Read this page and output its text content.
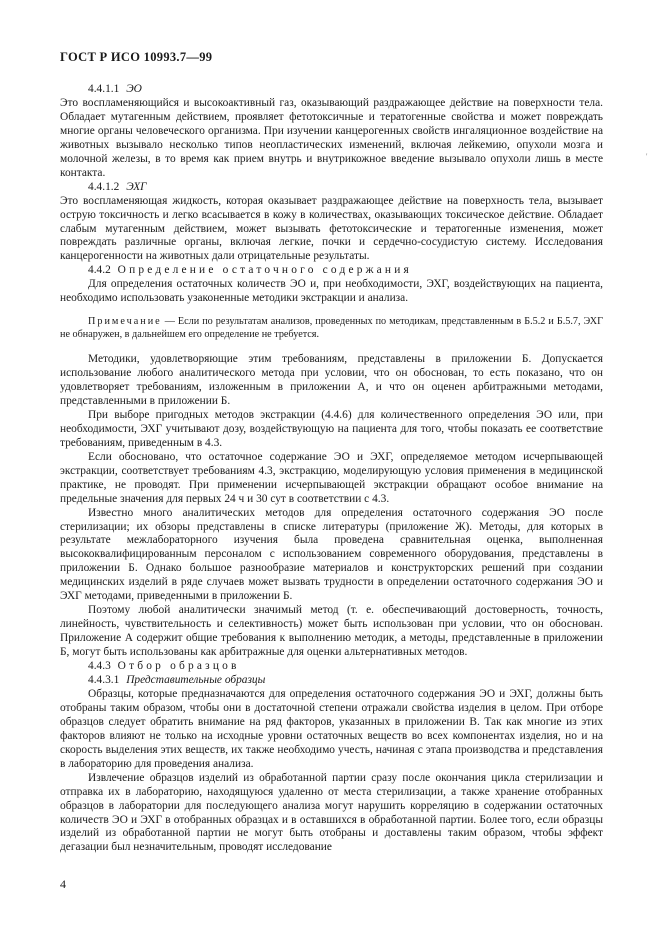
ГОСТ Р ИСО 10993.7—99
4.4.1.1 ЭО

Это воспламеняющийся и высокоактивный газ, оказывающий раздражающее действие на поверхности тела. Обладает мутагенным действием, проявляет фетотоксичные и тератогенные свойства и может повреждать многие органы человеческого организма. При изучении канцерогенных свойств ингаляционное воздействие на животных вызывало несколько типов неопластических изменений, включая лейкемию, опухоли мозга и молочной железы, в то время как прием внутрь и внутрикожное введение вызывало опухоли лишь в месте контакта.

4.4.1.2 ЭХГ

Это воспламеняющая жидкость, которая оказывает раздражающее действие на поверхность тела, вызывает острую токсичность и легко всасывается в кожу в количествах, оказывающих токсическое действие. Обладает слабым мутагенным действием, может вызывать фетотоксические и тератогенные изменения, может повреждать различные органы, включая легкие, почки и сердечно-сосудистую систему. Исследования канцерогенности на животных дали отрицательные результаты.

4.4.2 Определение остаточного содержания

Для определения остаточных количеств ЭО и, при необходимости, ЭХГ, воздействующих на пациента, необходимо использовать узаконенные методики экстракции и анализа.

Примечание — Если по результатам анализов, проведенных по методикам, представленным в Б.5.2 и Б.5.7, ЭХГ не обнаружен, в дальнейшем его определение не требуется.

Методики, удовлетворяющие этим требованиям, представлены в приложении Б. Допускается использование любого аналитического метода при условии, что он обоснован, то есть показано, что он удовлетворяет требованиям, изложенным в приложении А, и что он оценен арбитражными методами, представленными в приложении Б.

При выборе пригодных методов экстракции (4.4.6) для количественного определения ЭО или, при необходимости, ЭХГ учитывают дозу, воздействующую на пациента для того, чтобы показать ее соответствие требованиям, приведенным в 4.3.

Если обосновано, что остаточное содержание ЭО и ЭХГ, определяемое методом исчерпывающей экстракции, соответствует требованиям 4.3, экстракцию, моделирующую условия применения в медицинской практике, не проводят. При применении исчерпывающей экстракции обращают особое внимание на предельные значения для первых 24 ч и 30 сут в соответствии с 4.3.

Известно много аналитических методов для определения остаточного содержания ЭО после стерилизации; их обзоры представлены в списке литературы (приложение Ж). Методы, для которых в результате межлабораторного изучения была проведена сравнительная оценка, выполненная высококвалифицированным персоналом с использованием современного оборудования, представлены в приложении Б. Однако большое разнообразие материалов и конструкторских решений при создании медицинских изделий в ряде случаев может вызвать трудности в определении остаточного содержания ЭО и ЭХГ методами, приведенными в приложении Б.

Поэтому любой аналитически значимый метод (т. е. обеспечивающий достоверность, точность, линейность, чувствительность и селективность) может быть использован при условии, что он обоснован. Приложение А содержит общие требования к выполнению методик, а методы, представленные в приложении Б, могут быть использованы как арбитражные для оценки альтернативных методов.

4.4.3 Отбор образцов
4.4.3.1 Представительные образцы

Образцы, которые предназначаются для определения остаточного содержания ЭО и ЭХГ, должны быть отобраны таким образом, чтобы они в достаточной степени отражали свойства изделия в целом. При отборе образцов следует обратить внимание на ряд факторов, указанных в приложении В. Так как многие из этих факторов влияют не только на исходные уровни остаточных веществ во всех компонентах изделия, но и на скорость выделения этих веществ, их также необходимо учесть, начиная с этапа производства и представления в лабораторию для проведения анализа.

Извлечение образцов изделий из обработанной партии сразу после окончания цикла стерилизации и отправка их в лабораторию, находящуюся удаленно от места стерилизации, а также хранение отобранных образцов в лаборатории для последующего анализа могут нарушить корреляцию в содержании остаточных количеств ЭО и ЭХГ в отобранных образцах и в оставшихся в обработанной партии. Более того, если образцы изделий из обработанной партии не могут быть отобраны и доставлены таким образом, чтобы эффект дегазации был незначительным, проводят исследование

'
4
